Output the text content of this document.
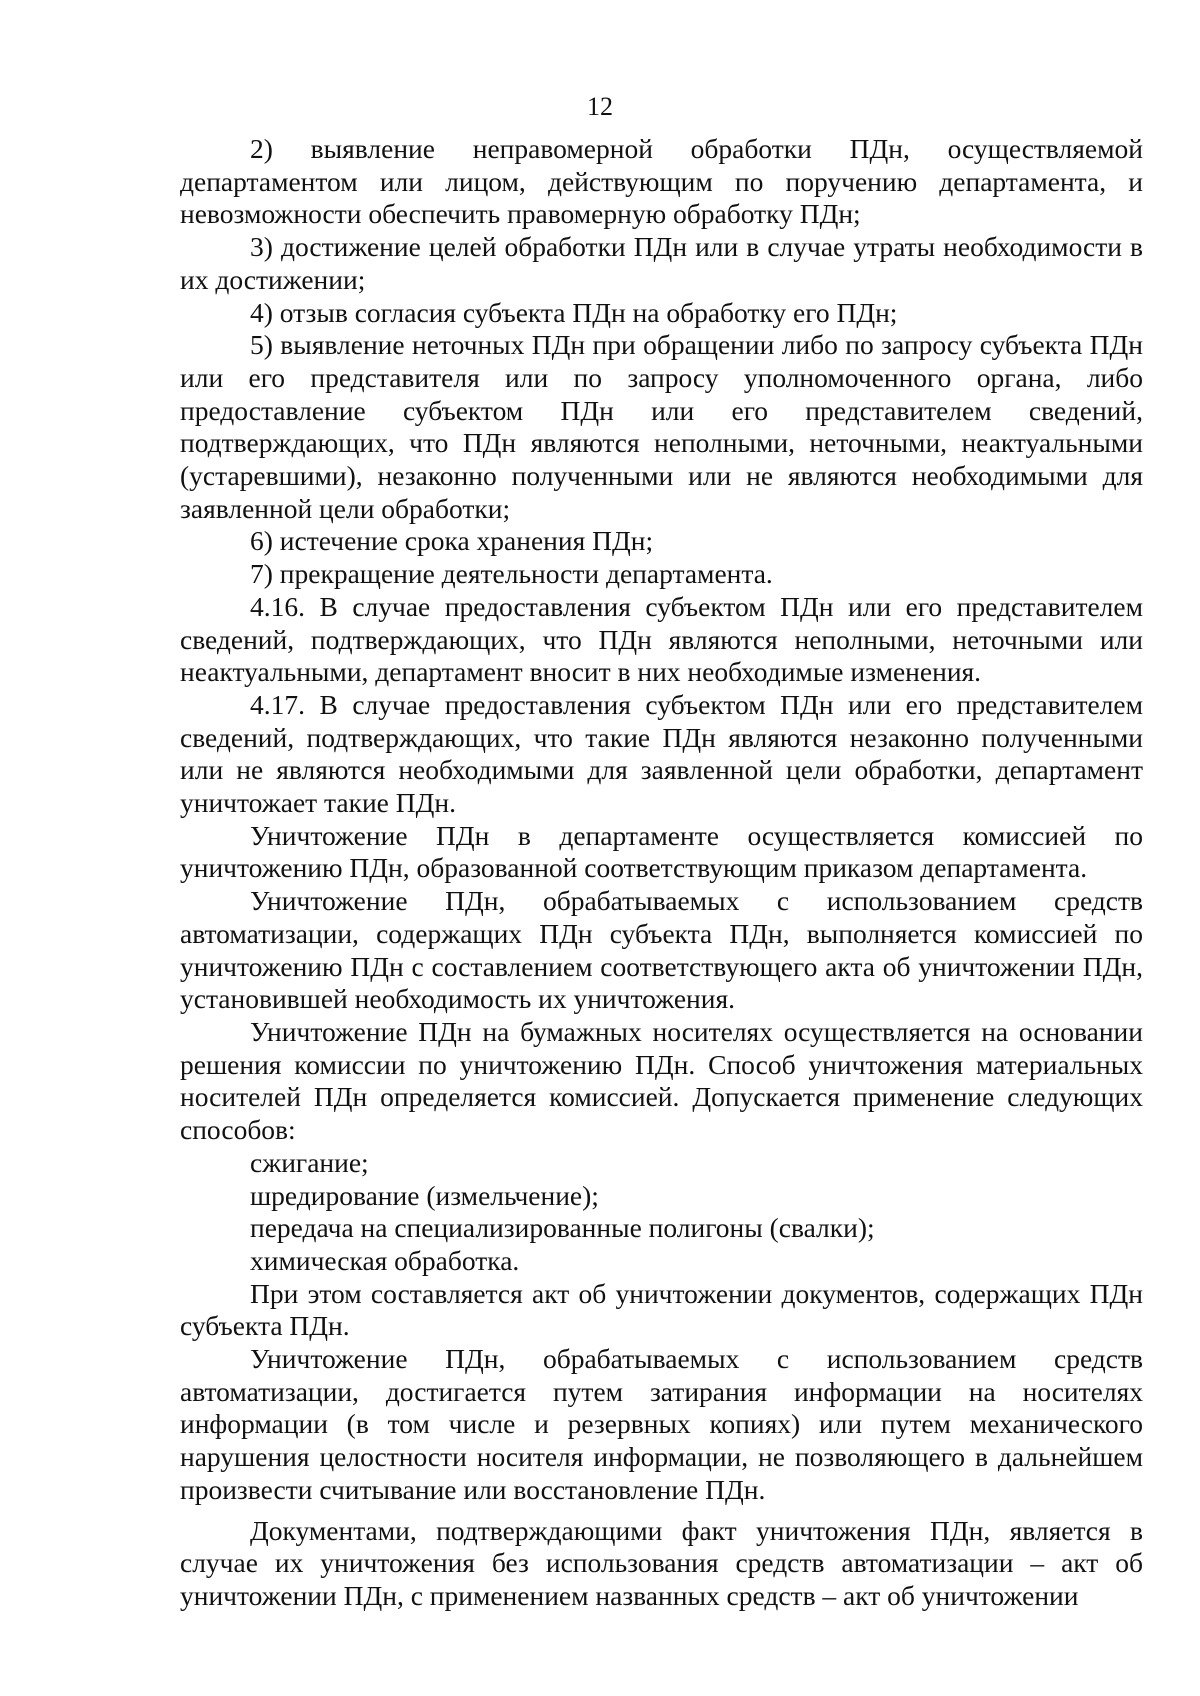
12

2) выявление неправомерной обработки ПДн, осуществляемой департаментом или лицом, действующим по поручению департамента, и невозможности обеспечить правомерную обработку ПДн;

3) достижение целей обработки ПДн или в случае утраты необходимости в их достижении;

4) отзыв согласия субъекта ПДн на обработку его ПДн;

5) выявление неточных ПДн при обращении либо по запросу субъекта ПДн или его представителя или по запросу уполномоченного органа, либо предоставление субъектом ПДн или его представителем сведений, подтверждающих, что ПДн являются неполными, неточными, неактуальными (устаревшими), незаконно полученными или не являются необходимыми для заявленной цели обработки;

6) истечение срока хранения ПДн;

7) прекращение деятельности департамента.

4.16. В случае предоставления субъектом ПДн или его представителем сведений, подтверждающих, что ПДн являются неполными, неточными или неактуальными, департамент вносит в них необходимые изменения.

4.17. В случае предоставления субъектом ПДн или его представителем сведений, подтверждающих, что такие ПДн являются незаконно полученными или не являются необходимыми для заявленной цели обработки, департамент уничтожает такие ПДн.

Уничтожение ПДн в департаменте осуществляется комиссией по уничтожению ПДн, образованной соответствующим приказом департамента.

Уничтожение ПДн, обрабатываемых с использованием средств автоматизации, содержащих ПДн субъекта ПДн, выполняется комиссией по уничтожению ПДн с составлением соответствующего акта об уничтожении ПДн, установившей необходимость их уничтожения.

Уничтожение ПДн на бумажных носителях осуществляется на основании решения комиссии по уничтожению ПДн. Способ уничтожения материальных носителей ПДн определяется комиссией. Допускается применение следующих способов:

сжигание;

шредирование (измельчение);

передача на специализированные полигоны (свалки);

химическая обработка.

При этом составляется акт об уничтожении документов, содержащих ПДн субъекта ПДн.

Уничтожение ПДн, обрабатываемых с использованием средств автоматизации, достигается путем затирания информации на носителях информации (в том числе и резервных копиях) или путем механического нарушения целостности носителя информации, не позволяющего в дальнейшем произвести считывание или восстановление ПДн.

Документами, подтверждающими факт уничтожения ПДн, является в случае их уничтожения без использования средств автоматизации – акт об уничтожении ПДн, с применением названных средств – акт об уничтожении
